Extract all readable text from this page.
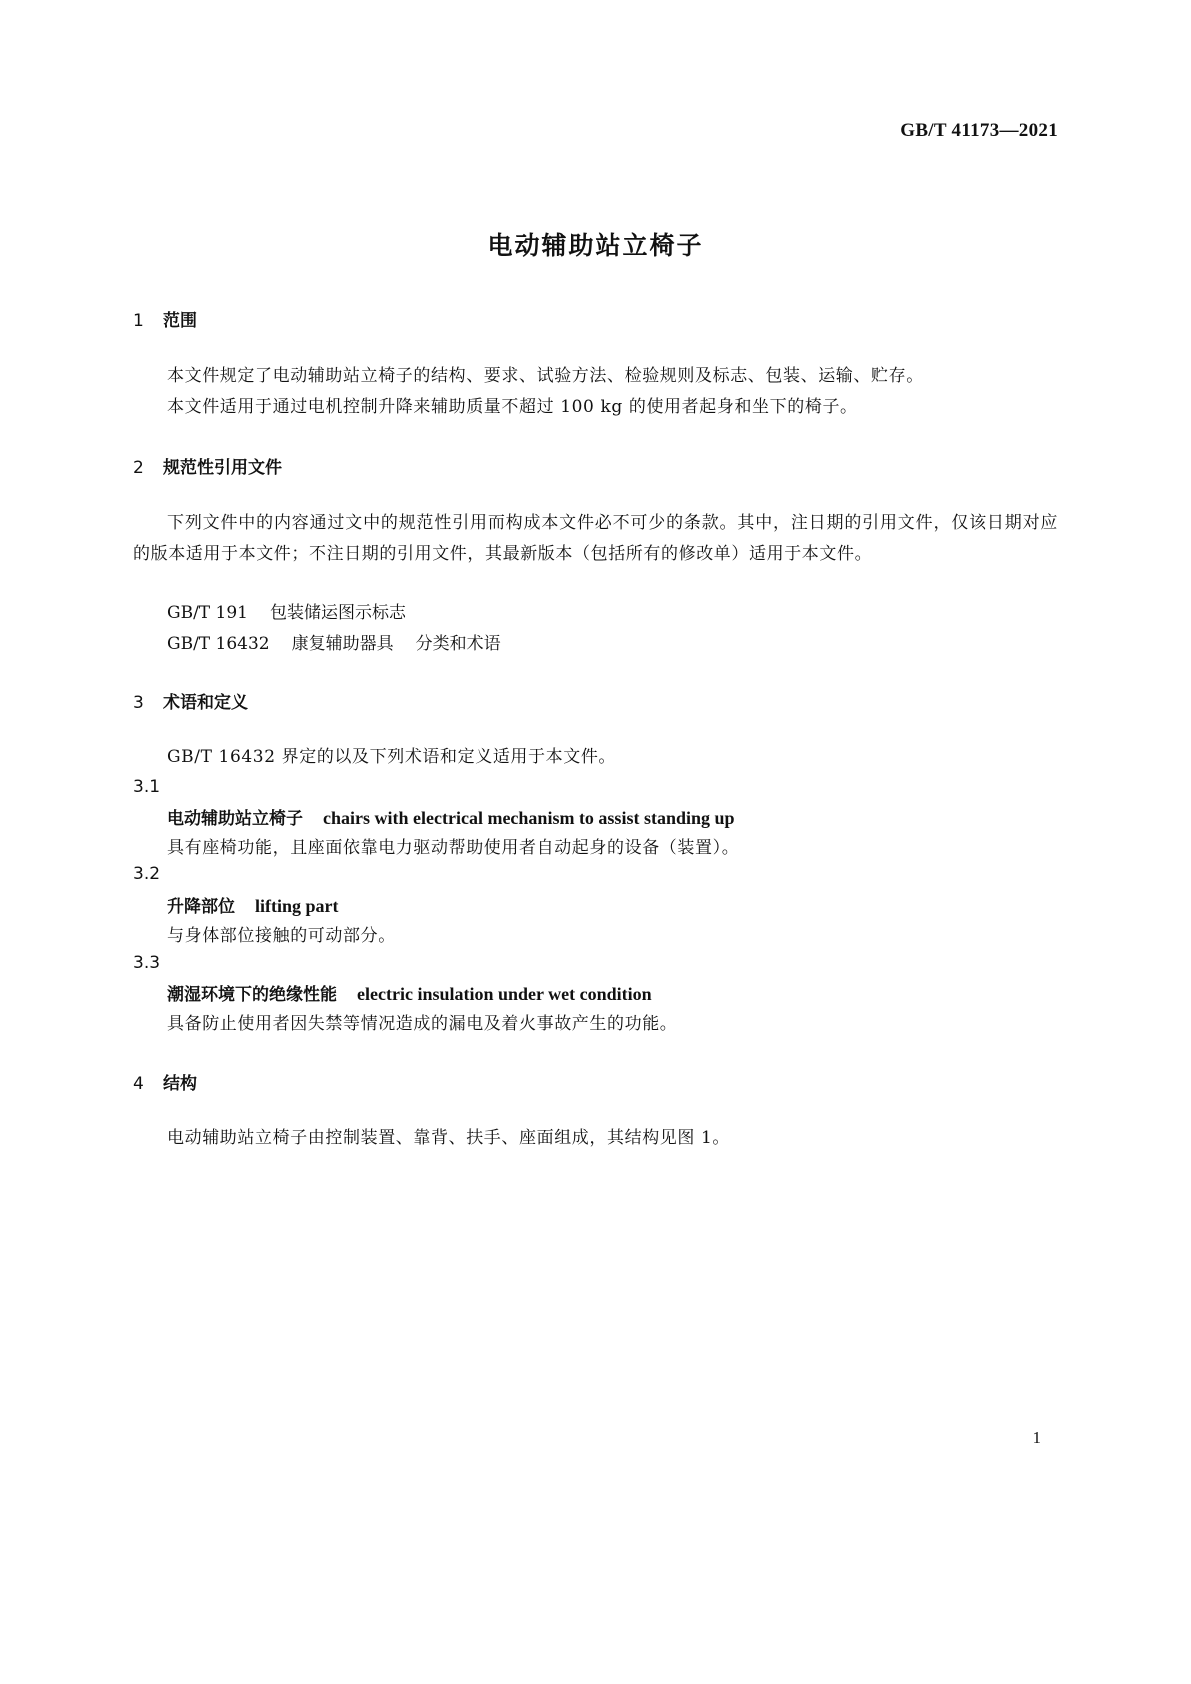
GB/T 41173—2021
电动辅助站立椅子
1 范围
本文件规定了电动辅助站立椅子的结构、要求、试验方法、检验规则及标志、包装、运输、贮存。
本文件适用于通过电机控制升降来辅助质量不超过 100 kg 的使用者起身和坐下的椅子。
2 规范性引用文件
下列文件中的内容通过文中的规范性引用而构成本文件必不可少的条款。其中，注日期的引用文件，仅该日期对应的版本适用于本文件；不注日期的引用文件，其最新版本（包括所有的修改单）适用于本文件。
GB/T 191 包装储运图示标志
GB/T 16432 康复辅助器具 分类和术语
3 术语和定义
GB/T 16432 界定的以及下列术语和定义适用于本文件。
3.1
电动辅助站立椅子 chairs with electrical mechanism to assist standing up
具有座椅功能，且座面依靠电力驱动帮助使用者自动起身的设备（装置）。
3.2
升降部位 lifting part
与身体部位接触的可动部分。
3.3
潮湿环境下的绝缘性能 electric insulation under wet condition
具备防止使用者因失禁等情况造成的漏电及着火事故产生的功能。
4 结构
电动辅助站立椅子由控制装置、靠背、扶手、座面组成，其结构见图 1。
1
